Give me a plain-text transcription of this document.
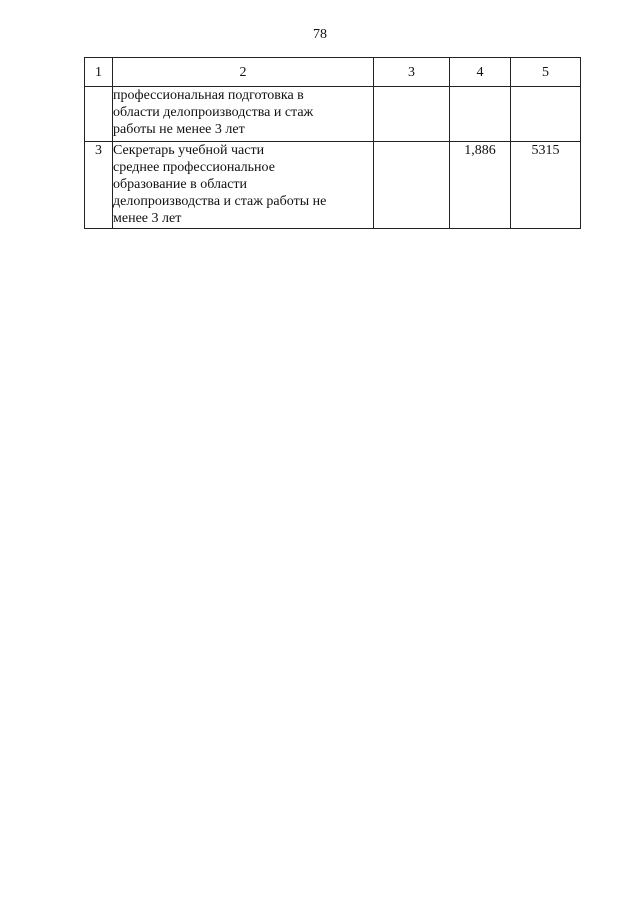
78
1	2	3	4	5

	профессиональная подготовка в
области делопроизводства и стаж
работы не менее 3 лет			

3	Секретарь учебной части
среднее профессиональное
образование в области
делопроизводства и стаж работы не
менее 3 лет		1,886	5315
